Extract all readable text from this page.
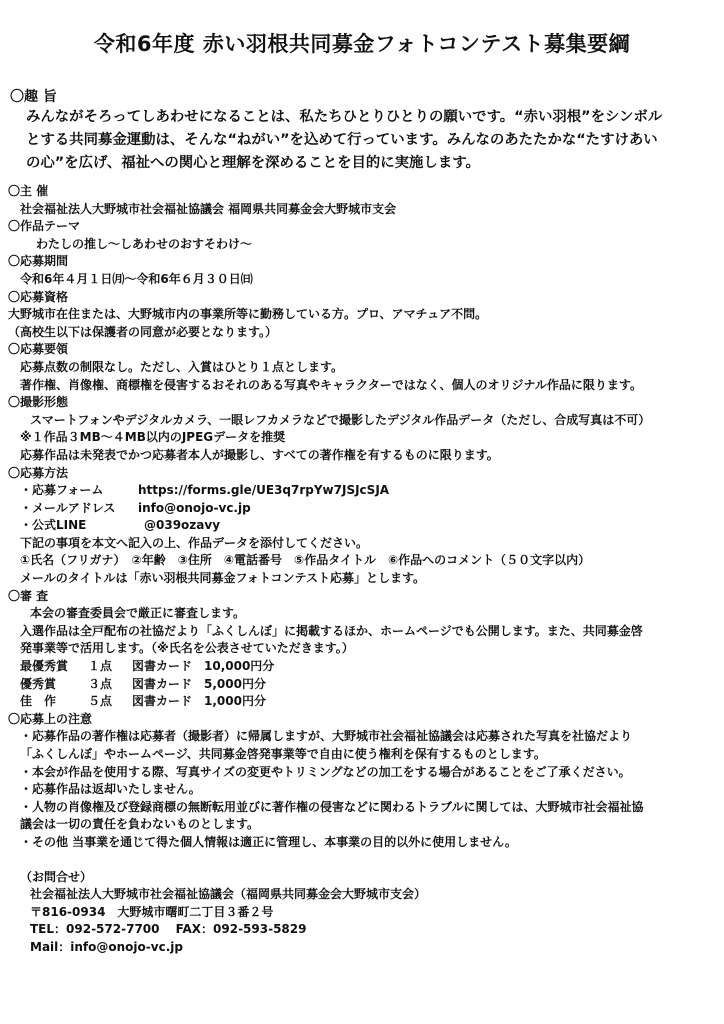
令和6年度 赤い羽根共同募金フォトコンテスト募集要綱
〇趣 旨

みんながそろってしあわせになることは、私たちひとりひとりの願いです。“赤い羽根”をシンボル

とする共同募金運動は、そんな“ねがい”を込めて行っています。みんなのあたたかな“たすけあい

の心”を広げ、福祉への関心と理解を深めることを目的に実施します。

〇主 催

社会福祉法人大野城市社会福祉協議会 福岡県共同募金会大野城市支会

〇作品テーマ

わたしの推し～しあわせのおすそわけ～

〇応募期間

令和6年４月１日㈪～令和6年６月３０日㈰

〇応募資格

大野城市在住または、大野城市内の事業所等に勤務している方。プロ、アマチュア不問。

（高校生以下は保護者の同意が必要となります。）

〇応募要領

応募点数の制限なし。ただし、入賞はひとり１点とします。

著作権、肖像権、商標権を侵害するおそれのある写真やキャラクターではなく、個人のオリジナル作品に限ります。

〇撮影形態

スマートフォンやデジタルカメラ、一眼レフカメラなどで撮影したデジタル作品データ（ただし、合成写真は不可）

※１作品３MB～４MB以内のJPEGデータを推奨

応募作品は未発表でかつ応募者本人が撮影し、すべての著作権を有するものに限ります。

〇応募方法

・応募フォーム	https://forms.gle/UE3q7rpYw7JSJcSJA

・メールアドレス info@onojo-vc.jp

・公式LINE	@039ozavy

下記の事項を本文へ記入の上、作品データを添付してください。

①氏名（フリガナ）　②年齢　③住所　④電話番号　⑤作品タイトル　⑥作品へのコメント（５０文字以内）

メールのタイトルは「赤い羽根共同募金フォトコンテスト応募」とします。

〇審 査

本会の審査委員会で厳正に審査します。

入選作品は全戸配布の社協だより「ふくしんぼ」に掲載するほか、ホームページでも公開します。また、共同募金啓

発事業等で活用します。（※氏名を公表させていただきます。）

最優秀賞 １点 図書カード　10,000円分

優秀賞	３点 図書カード　5,000円分

佳　作	５点 図書カード　1,000円分

〇応募上の注意

・応募作品の著作権は応募者（撮影者）に帰属しますが、大野城市社会福祉協議会は応募された写真を社協だより

「ふくしんぼ」やホームページ、共同募金啓発事業等で自由に使う権利を保有するものとします。

・本会が作品を使用する際、写真サイズの変更やトリミングなどの加工をする場合があることをご了承ください。

・応募作品は返却いたしません。

・人物の肖像権及び登録商標の無断転用並びに著作権の侵害などに関わるトラブルに関しては、大野城市社会福祉協

議会は一切の責任を負わないものとします。

・その他 当事業を通じて得た個人情報は適正に管理し、本事業の目的以外に使用しません。

（お問合せ）

社会福祉法人大野城市社会福祉協議会（福岡県共同募金会大野城市支会）

〒816-0934　大野城市曙町二丁目３番２号

TEL：092-572-7700　 FAX：092-593-5829

Mail：info@onojo-vc.jp
